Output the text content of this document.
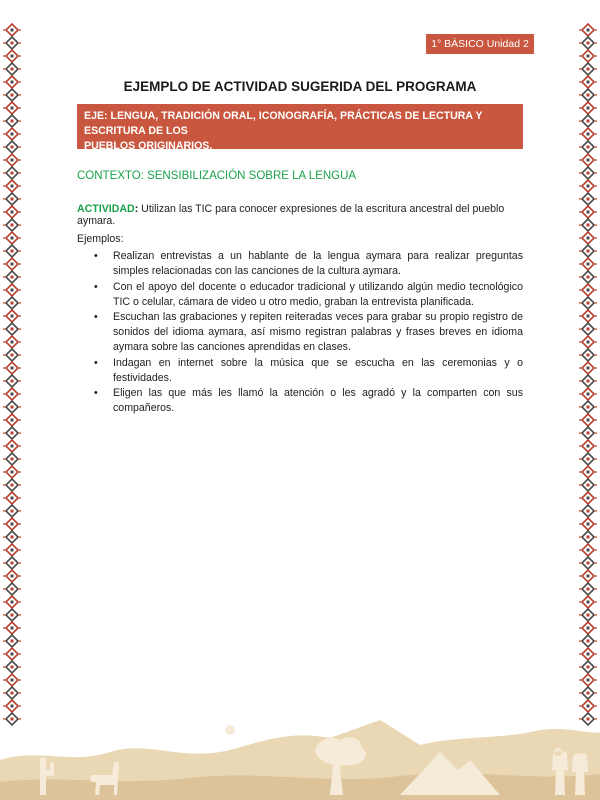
1° BÁSICO Unidad 2
EJEMPLO DE ACTIVIDAD SUGERIDA DEL PROGRAMA
EJE: LENGUA, TRADICIÓN ORAL, ICONOGRAFÍA, PRÁCTICAS DE LECTURA Y ESCRITURA DE LOS
PUEBLOS ORIGINARIOS.
CONTEXTO: SENSIBILIZACIÓN SOBRE LA LENGUA
ACTIVIDAD: Utilizan las TIC para conocer expresiones de la escritura ancestral del pueblo aymara.
Ejemplos:
• Realizan entrevistas a un hablante de la lengua aymara para realizar preguntas simples relacionadas con las canciones de la cultura aymara.
• Con el apoyo del docente o educador tradicional y utilizando algún medio tecnológico TIC o celular, cámara de video u otro medio, graban la entrevista planificada.
• Escuchan las grabaciones y repiten reiteradas veces para grabar su propio registro de sonidos del idioma aymara, así mismo registran palabras y frases breves en idioma aymara sobre las canciones aprendidas en clases.
• Indagan en internet sobre la música que se escucha en las ceremonias y o festividades.
• Eligen las que más les llamó la atención o les agradó y la comparten con sus compañeros.
